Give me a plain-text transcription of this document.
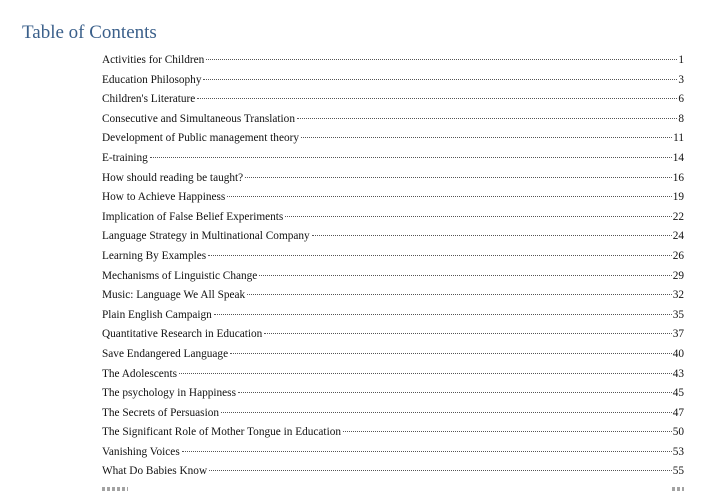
Table of Contents
Activities for Children	1
Education Philosophy	3
Children's Literature	6
Consecutive and Simultaneous Translation	8
Development of Public management theory	11
E-training	14
How should reading be taught?	16
How to Achieve Happiness	19
Implication of False Belief Experiments	22
Language Strategy in Multinational Company	24
Learning By Examples	26
Mechanisms of Linguistic Change	29
Music: Language We All Speak	32
Plain English Campaign	35
Quantitative Research in Education	37
Save Endangered Language	40
The Adolescents	43
The psychology in Happiness	45
The Secrets of Persuasion	47
The Significant Role of Mother Tongue in Education	50
Vanishing Voices	53
What Do Babies Know	55
